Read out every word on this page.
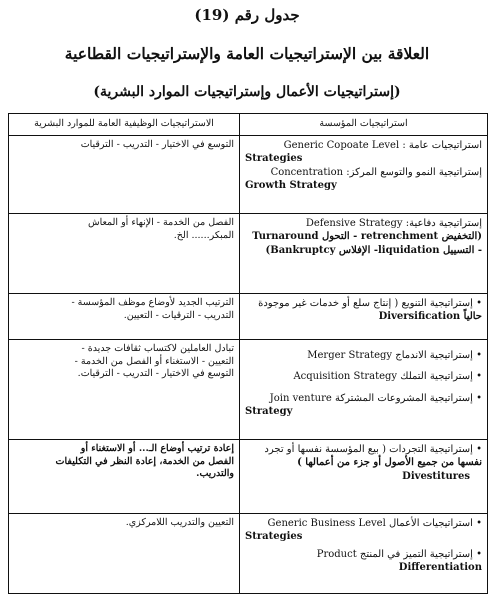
جدول رقم (19)
العلاقة بين الإستراتيجيات العامة والإستراتيجيات القطاعية
(إستراتيجيات الأعمال وإستراتيجيات الموارد البشرية)
الاستراتيجيات الوظيفية العامة للموارد البشرية	استراتيجيات المؤسسة

التوسع في الاختيار - التدريب - الترقيات	استراتيجيات عامة : Generic Copoate Level
Strategies
إستراتيجية النمو والتوسع المركز: Concentration
Growth Strategy

الفصل من الخدمة - الإنهاء أو المعاش
المبكر...... الخ.	إستراتيجية دفاعية: Defensive Strategy
(التخفيض retrenchment - التحول Turnaround
- التسييل liquidation- الإفلاس Bankruptcy)

الترتيب الجديد لأوضاع موظف المؤسسة -
التدريب - الترقيات - التعيين.	• إستراتيجية التنويع ( إنتاج سلع أو خدمات غير موجودة
حالياً Diversification

تبادل العاملين لاكتساب ثقافات جديدة -
التعيين - الاستغناء أو الفصل من الخدمة -
التوسع في الاختيار - التدريب - الترقيات.	• إستراتيجية الاندماج Merger Strategy
• إستراتيجية التملك Acquisition Strategy
• إستراتيجية المشروعات المشتركة Join venture
Strategy

إعادة ترتيب أوضاع الـ... أو الاستغناء أو
الفصل من الخدمة، إعادة النظر في التكليفات
والتدريب.	• إستراتيجية التجردات ( بيع المؤسسة نفسها أو تجرد
نفسها من جميع الأصول أو جزء من أعمالها )
Divestitures

التعيين والتدريب اللامركزي.	• استراتيجيات الأعمال Generic Business Level
Strategies
• إستراتيجية التميز في المنتج Product
Differentiation
